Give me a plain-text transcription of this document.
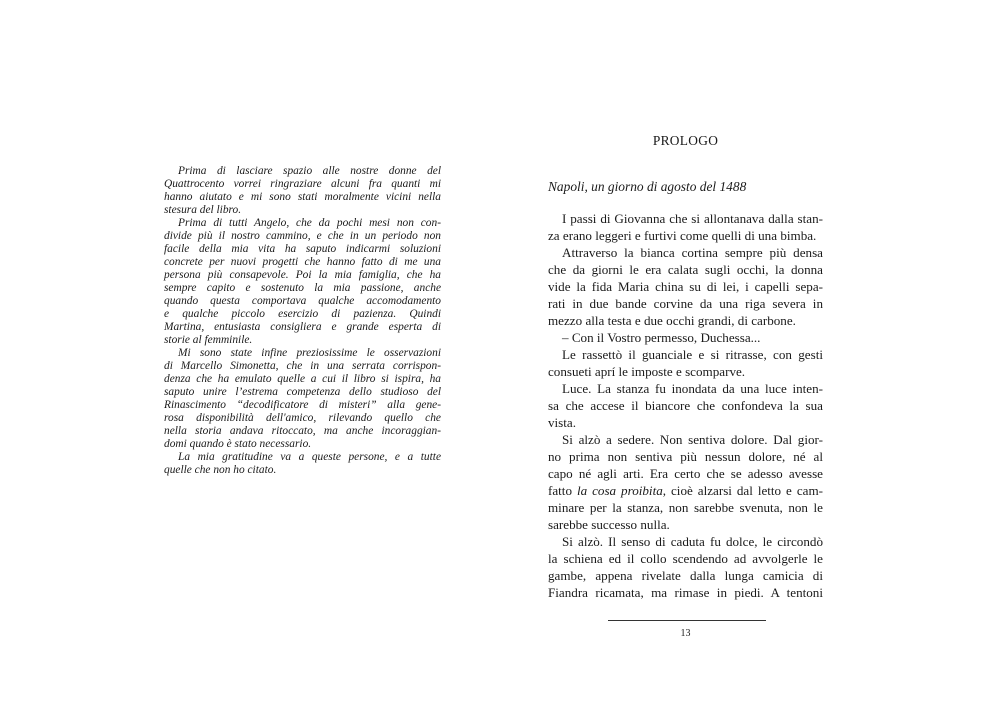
Prima di lasciare spazio alle nostre donne del
Quattrocento vorrei ringraziare alcuni fra quanti mi
hanno aiutato e mi sono stati moralmente vicini nella
stesura del libro.
Prima di tutti Angelo, che da pochi mesi non con-
divide più il nostro cammino, e che in un periodo non
facile della mia vita ha saputo indicarmi soluzioni
concrete per nuovi progetti che hanno fatto di me una
persona più consapevole. Poi la mia famiglia, che ha
sempre capito e sostenuto la mia passione, anche
quando questa comportava qualche accomodamento
e qualche piccolo esercizio di pazienza. Quindi
Martina, entusiasta consigliera e grande esperta di
storie al femminile.
Mi sono state infine preziosissime le osservazioni
di Marcello Simonetta, che in una serrata corrispon-
denza che ha emulato quelle a cui il libro si ispira, ha
saputo unire l’estrema competenza dello studioso del
Rinascimento “decodificatore di misteri” alla gene-
rosa disponibilità dell'amico, rilevando quello che
nella storia andava ritoccato, ma anche incoraggian-
domi quando è stato necessario.
La mia gratitudine va a queste persone, e a tutte
quelle che non ho citato.
PROLOGO
Napoli, un giorno di agosto del 1488
I passi di Giovanna che si allontanava dalla stan-
za erano leggeri e furtivi come quelli di una bimba.
Attraverso la bianca cortina sempre più densa
che da giorni le era calata sugli occhi, la donna
vide la fida Maria china su di lei, i capelli sepa-
rati in due bande corvine da una riga severa in
mezzo alla testa e due occhi grandi, di carbone.
– Con il Vostro permesso, Duchessa...
Le rassettò il guanciale e si ritrasse, con gesti
consueti aprí le imposte e scomparve.
Luce. La stanza fu inondata da una luce inten-
sa che accese il biancore che confondeva la sua
vista.
Si alzò a sedere. Non sentiva dolore. Dal gior-
no prima non sentiva più nessun dolore, né al
capo né agli arti. Era certo che se adesso avesse
fatto la cosa proibita, cioè alzarsi dal letto e cam-
minare per la stanza, non sarebbe svenuta, non le
sarebbe successo nulla.
Si alzò. Il senso di caduta fu dolce, le circondò
la schiena ed il collo scendendo ad avvolgerle le
gambe, appena rivelate dalla lunga camicia di
Fiandra ricamata, ma rimase in piedi. A tentoni
13
